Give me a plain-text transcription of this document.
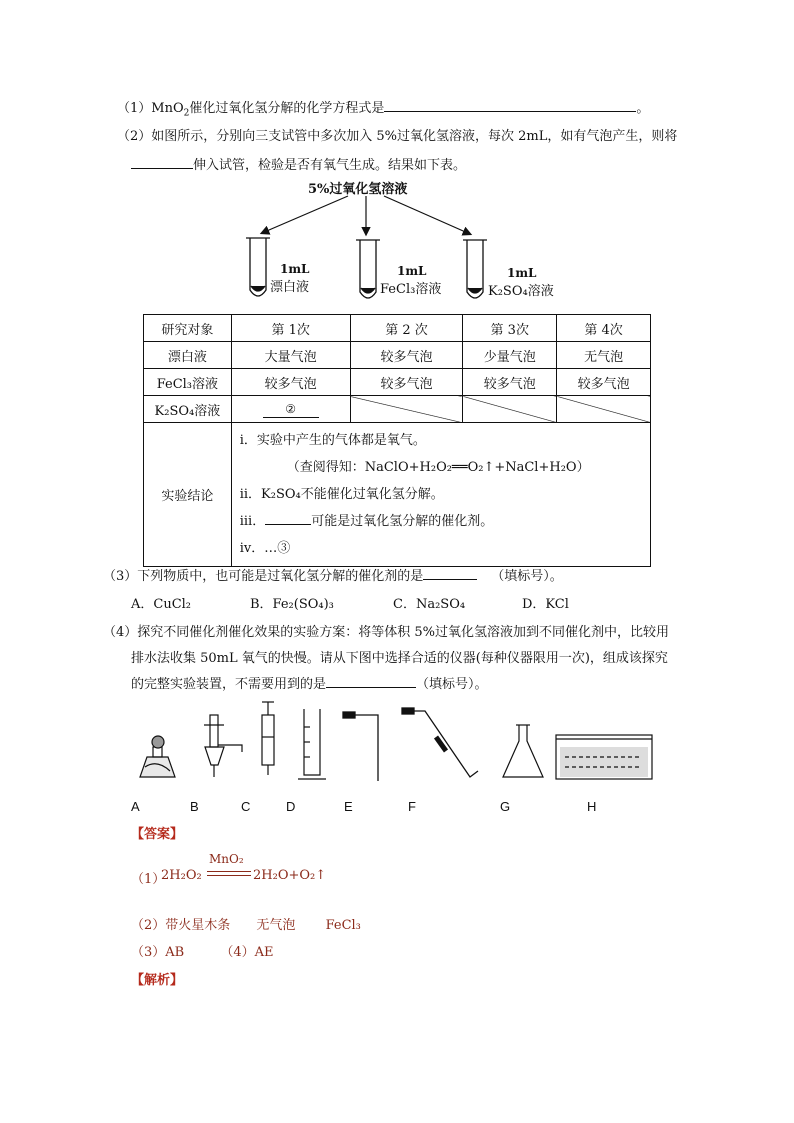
（1）MnO$_2$催化过氧化氢分解的化学方程式是	。
（2）如图所示，分别向三支试管中多次加入 5%过氧化氢溶液，每次 2mL，如有气泡产生，则将
伸入试管，检验是否有氧气生成。结果如下表。
5%过氧化氢溶液
1mL
漂白液
1mL
FeCl₃溶液
1mL
K₂SO₄溶液
研究对象	第 1次	第 2 次	第 3次	第 4次
漂白液	大量气泡	较多气泡	少量气泡	无气泡
FeCl₃溶液	较多气泡	较多气泡	较多气泡	较多气泡
K₂SO₄溶液	②			
实验结论	i．实验中产生的气体都是氧气。
（查阅得知：NaClO+H₂O₂══O₂↑+NaCl+H₂O）
ii．K₂SO₄不能催化过氧化氢分解。
iii． 可能是过氧化氢分解的催化剂。
iv．…③			
（3）下列物质中，也可能是过氧化氢分解的催化剂的是	（填标号）。
A．CuCl₂	B．Fe₂(SO₄)₃	C．Na₂SO₄	D．KCl
（4）探究不同催化剂催化效果的实验方案：将等体积 5%过氧化氢溶液加到不同催化剂中，比较用
排水法收集 50mL 氧气的快慢。请从下图中选择合适的仪器(每种仪器限用一次)，组成该探究
的完整实验装置，不需要用到的是	（填标号）。
A	B	C	D	E	F	G	H
【答案】
（1）
2H₂O₂
MnO₂
2H₂O+O₂↑
（2）带火星木条 无气泡 FeCl₃
（3）AB	（4）AE
【解析】
